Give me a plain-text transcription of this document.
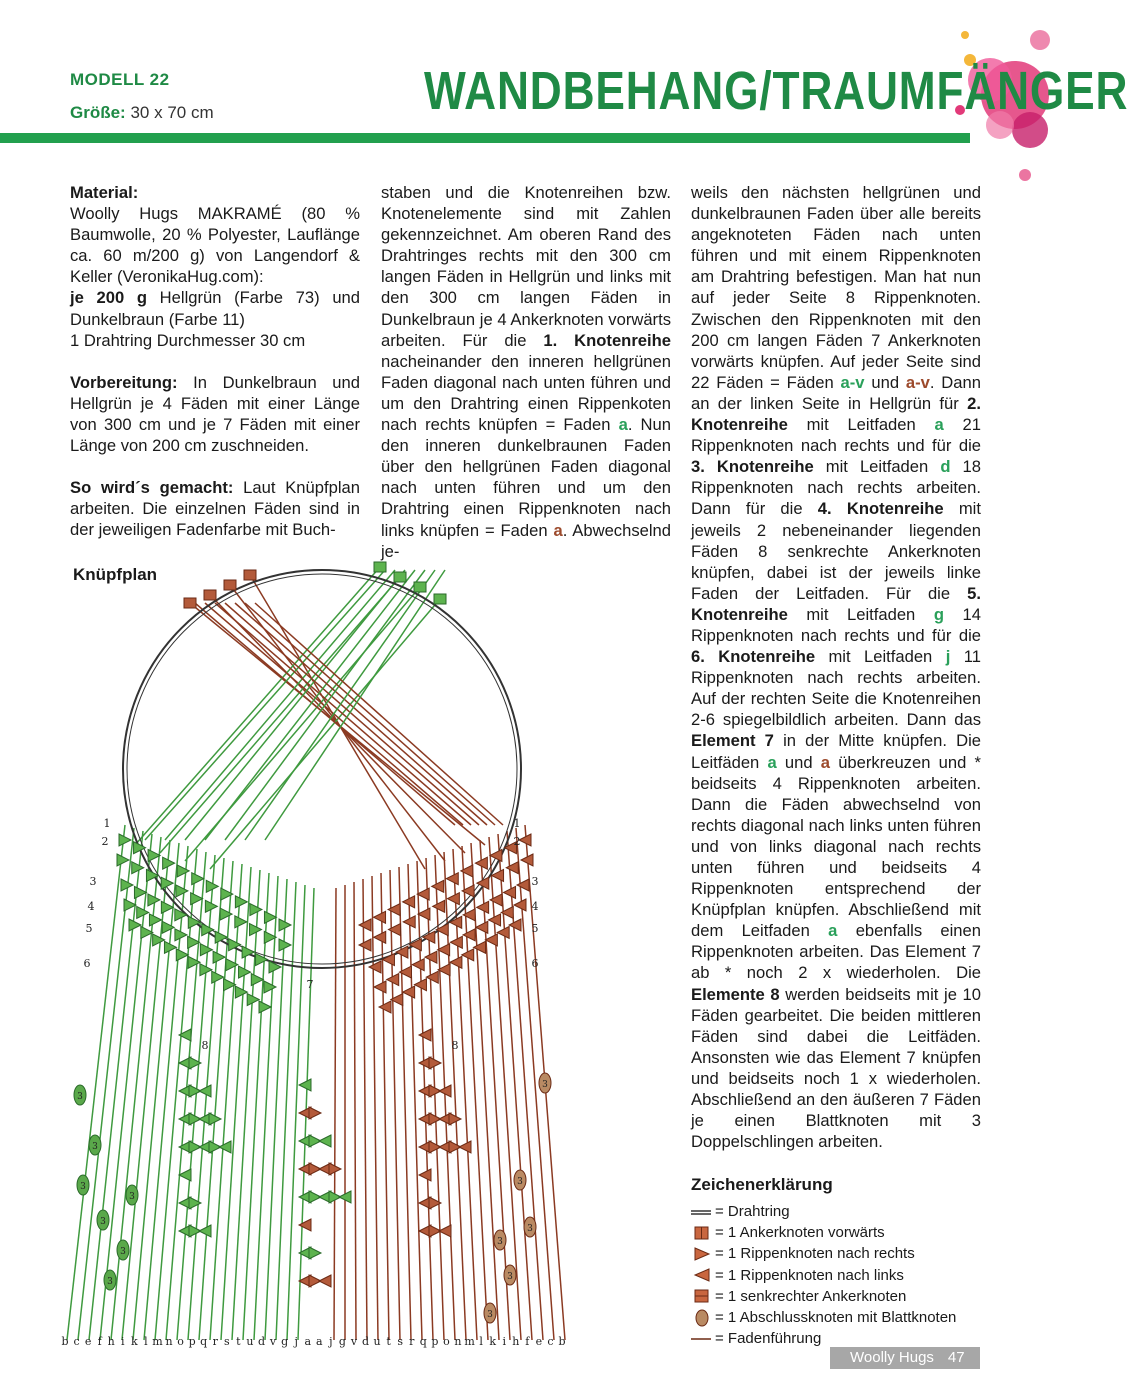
MODELL 22
Größe: 30 x 70 cm	WANDBEHANG/TRAUMFÄNGER

Material:

Woolly Hugs MAKRAMÉ (80 % Baumwolle, 20 % Polyester, Lauflänge ca. 60 m/200 g) von Langendorf & Keller (VeronikaHug.com):

je 200 g Hellgrün (Farbe 73) und Dunkelbraun (Farbe 11)

1 Drahtring Durchmesser 30 cm

Vorbereitung: In Dunkelbraun und Hellgrün je 4 Fäden mit einer Länge von 300 cm und je 7 Fäden mit einer Länge von 200 cm zuschneiden.

So wird´s gemacht: Laut Knüpfplan arbeiten. Die einzelnen Fäden sind in der jeweiligen Fadenfarbe mit Buch-

staben und die Knotenreihen bzw. Knotenelemente sind mit Zahlen gekennzeichnet. Am oberen Rand des Drahtringes rechts mit den 300 cm langen Fäden in Hellgrün und links mit den 300 cm langen Fäden in Dunkelbraun je 4 Ankerknoten vorwärts arbeiten. Für die 1. Knotenreihe nacheinander den inneren hellgrünen Faden diagonal nach unten führen und um den Drahtring einen Rippenkoten nach rechts knüpfen = Faden a. Nun den inneren dunkelbraunen Faden über den hellgrünen Faden diagonal nach unten führen und um den Drahtring einen Rippenknoten nach links knüpfen = Faden a. Abwechselnd je-

weils den nächsten hellgrünen und dunkelbraunen Faden über alle bereits angeknoteten Fäden nach unten führen und mit einem Rippenknoten am Drahtring befestigen. Man hat nun auf jeder Seite 8 Rippenknoten. Zwischen den Rippenknoten mit den 200 cm langen Fäden 7 Ankerknoten vorwärts knüpfen. Auf jeder Seite sind 22 Fäden = Fäden a-v und a-v. Dann an der linken Seite in Hellgrün für 2. Knotenreihe mit Leitfaden a 21 Rippenknoten nach rechts und für die 3. Knotenreihe mit Leitfaden d 18 Rippenknoten nach rechts arbeiten. Dann für die 4. Knotenreihe mit jeweils 2 nebeneinander liegenden Fäden 8 senkrechte Ankerknoten knüpfen, dabei ist der jeweils linke Faden der Leitfaden. Für die 5. Knotenreihe mit Leitfaden g 14 Rippenknoten nach rechts und für die 6. Knotenreihe mit Leitfaden j 11 Rippenknoten nach rechts arbeiten. Auf der rechten Seite die Knotenreihen 2-6 spiegelbildlich arbeiten. Dann das Element 7 in der Mitte knüpfen. Die Leitfäden a und a überkreuzen und * beidseits 4 Rippenknoten arbeiten. Dann die Fäden abwechselnd von rechts diagonal nach links unten führen und von links diagonal nach rechts unten führen und beidseits 4 Rippenknoten entsprechend der Knüpfplan knüpfen. Abschließend mit dem Leitfaden a ebenfalls einen Rippenknoten arbeiten. Das Element 7 ab * noch 2 x wiederholen. Die Elemente 8 werden beidseits mit je 10 Fäden gearbeitet. Die beiden mittleren Fäden sind dabei die Leitfäden. Ansonsten wie das Element 7 knüpfen und beidseits noch 1 x wiederholen. Abschließend an den äußeren 7 Fäden je einen Blattknoten mit 3 Doppelschlingen arbeiten.

Knüpfplan
3
3
3
3
3
3
3
3
3
3
3
3
3
1
2
3
4
5
6
1
2
3
4
5
6
7
8	8
b c e f h i k l m n o p q r s t u d v g j a a j g v d u t s r q p o n m l k i h f e c b
Zeichenerklärung
= Drahtring
= 1 Ankerknoten vorwärts
= 1 Rippenknoten nach rechts
= 1 Rippenknoten nach links
= 1 senkrechter Ankerknoten
= 1 Abschlussknoten mit Blattknoten
= Fadenführung
Woolly Hugs 47
